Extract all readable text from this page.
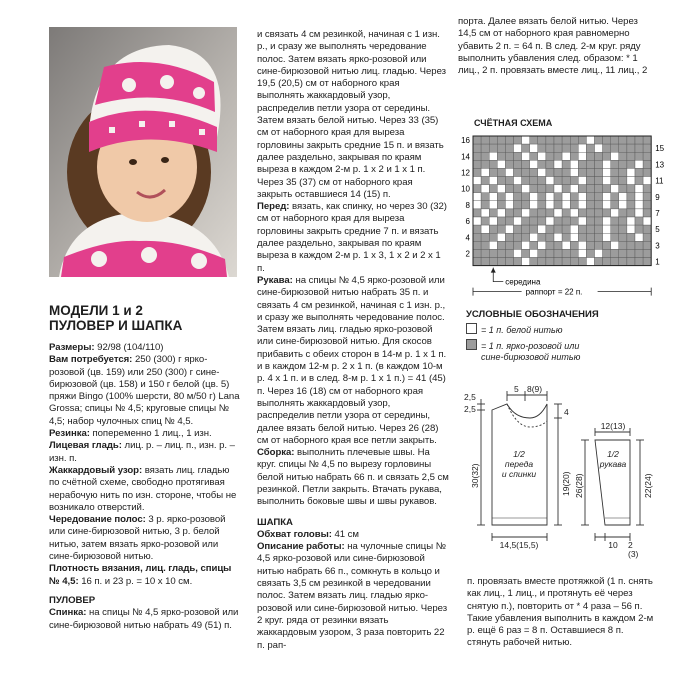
МОДЕЛИ 1 и 2
ПУЛОВЕР И ШАПКА

Размеры: 92/98 (104/110)

Вам потребуется: 250 (300) г ярко-розовой (цв. 159) или 250 (300) г сине-бирюзовой (цв. 158) и 150 г белой (цв. 5) пряжи Bingo (100% шерсти, 80 м/50 г) Lana Grossa; спицы № 4,5; круговые спицы № 4,5; набор чулочных спиц № 4,5.

Резинка: попеременно 1 лиц., 1 изн.

Лицевая гладь: лиц. р. – лиц. п., изн. р. – изн. п.

Жаккардовый узор: вязать лиц. гладью по счётной схеме, свободно протягивая нерабочую нить по изн. стороне, чтобы не возникало отверстий.

Чередование полос: 3 р. ярко-розовой или сине-бирюзовой нитью, 3 р. белой нитью, затем вязать ярко-розовой или сине-бирюзовой нитью.

Плотность вязания, лиц. гладь, спицы № 4,5: 16 п. и 23 р. = 10 x 10 см.

ПУЛОВЕР

Спинка: на спицы № 4,5 ярко-розовой или сине-бирюзовой нитью набрать 49 (51) п.

и связать 4 см резинкой, начиная с 1 изн. р., и сразу же выполнять чередование полос. Затем вязать ярко-розовой или сине-бирюзовой нитью лиц. гладью. Через 19,5 (20,5) см от наборного края выполнять жаккардовый узор, распределив петли узора от середины. Затем вязать белой нитью. Через 33 (35) см от наборного края для выреза горловины закрыть средние 15 п. и вязать далее раздельно, закрывая по краям выреза в каждом 2-м р. 1 x 2 и 1 x 1 п. Через 35 (37) см от наборного края закрыть оставшиеся 14 (15) п.

Перед: вязать, как спинку, но через 30 (32) см от наборного края для выреза горловины закрыть средние 7 п. и вязать далее раздельно, закрывая по краям выреза в каждом 2-м р. 1 x 3, 1 x 2 и 2 x 1 п.

Рукава: на спицы № 4,5 ярко-розовой или сине-бирюзовой нитью набрать 35 п. и связать 4 см резинкой, начиная с 1 изн. р., и сразу же выполнять чередование полос. Затем вязать лиц. гладью ярко-розовой или сине-бирюзовой нитью. Для скосов прибавить с обеих сторон в 14-м р. 1 x 1 п. и в каждом 12-м р. 2 x 1 п. (в каждом 10-м р. 4 x 1 п. и в след. 8-м р. 1 x 1 п.) = 41 (45) п. Через 16 (18) см от наборного края выполнять жаккардовый узор, распределив петли узора от середины, далее вязать белой нитью. Через 26 (28) см от наборного края все петли закрыть.

Сборка: выполнить плечевые швы. На круг. спицы № 4,5 по вырезу горловины белой нитью набрать 66 п. и связать 2,5 см резинкой. Петли закрыть. Втачать рукава, выполнить боковые швы и швы рукавов.

ШАПКА

Обхват головы: 41 см

Описание работы: на чулочные спицы № 4,5 ярко-розовой или сине-бирюзовой нитью набрать 66 п., сомкнуть в кольцо и связать 3,5 см резинкой в чередовании полос. Затем вязать лиц. гладью ярко-розовой или сине-бирюзовой нитью. Через 2 круг. ряда от резинки вязать жаккардовым узором, 3 раза повторить 22 п. рап-

порта. Далее вязать белой нитью. Через 14,5 см от наборного края равномерно убавить 2 п. = 64 п. В след. 2-м круг. ряду выполнить убавления след. образом: * 1 лиц., 2 п. провязать вместе лиц., 11 лиц., 2

СЧЁТНАЯ СХЕМА
16
14
12
10
8
6
4
2
15
13
11
9
7
5
3
1
середина
раппорт = 22 п.
УСЛОВНЫЕ ОБОЗНАЧЕНИЯ
= 1 п. белой нитью
= 1 п. ярко-розовой или
сине-бирюзовой нитью
1/2
переда
и спинки
5 8(9)
2,5
2,5
30(32)
4
19(20)
14,5(15,5)
1/2
рукава
12(13)
26(28)	22(24)
10 2
(3)

п. провязать вместе протяжкой (1 п. снять как лиц., 1 лиц., и протянуть её через снятую п.), повторить от * 4 раза – 56 п. Такие убавления выполнить в каждом 2-м р. ещё 6 раз = 8 п. Оставшиеся 8 п. стянуть рабочей нитью.
